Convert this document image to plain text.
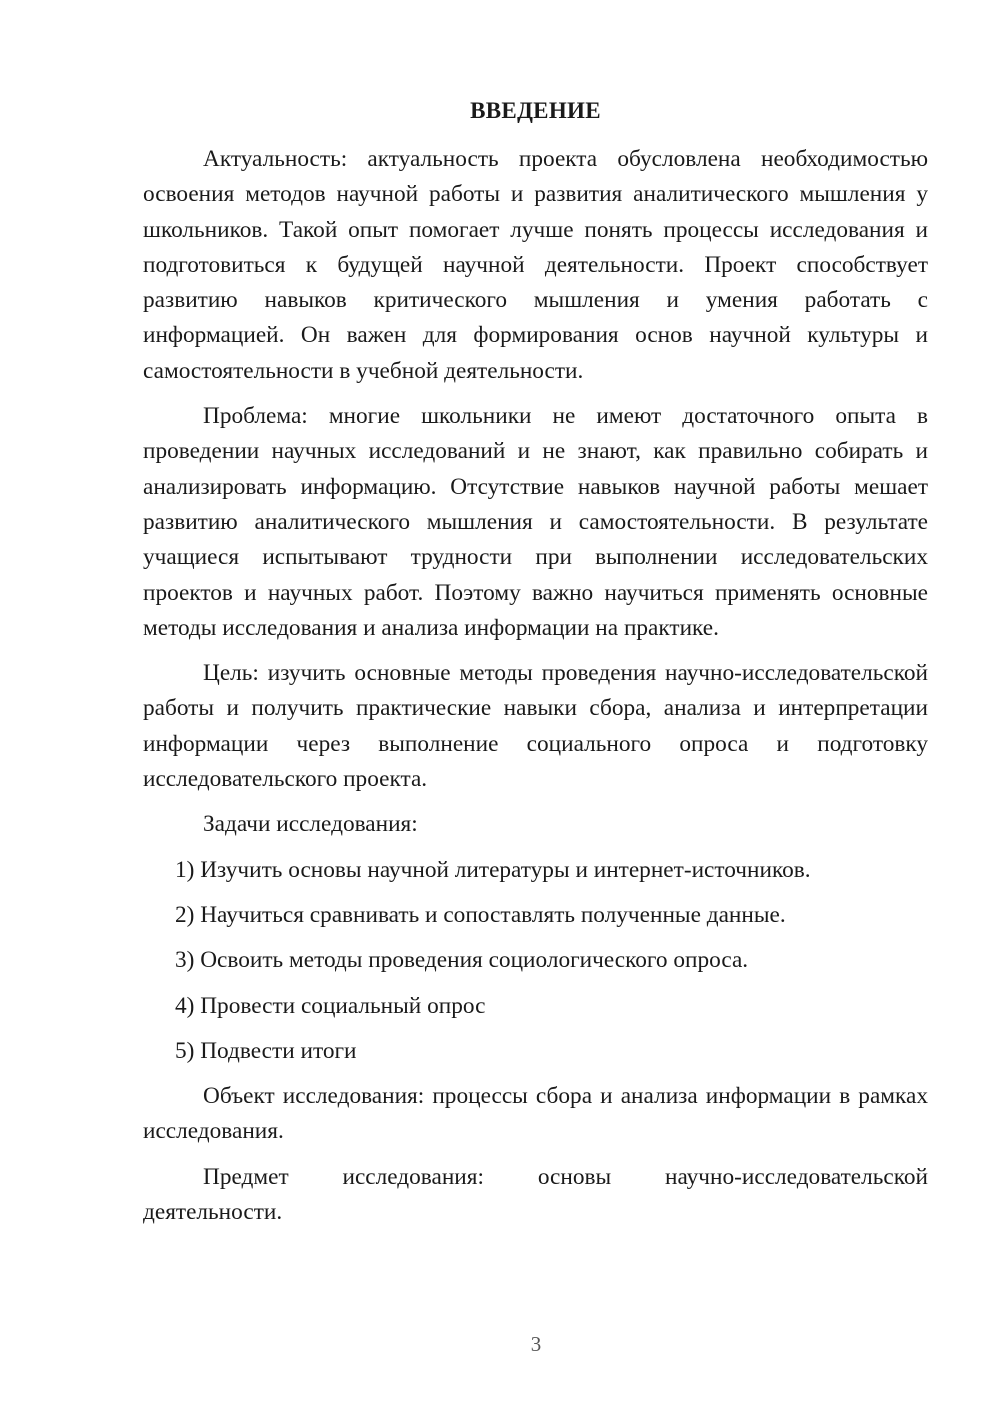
ВВЕДЕНИЕ

Актуальность: актуальность проекта обусловлена необходимостью освоения методов научной работы и развития аналитического мышления у школьников. Такой опыт помогает лучше понять процессы исследования и подготовиться к будущей научной деятельности. Проект способствует развитию навыков критического мышления и умения работать с информацией. Он важен для формирования основ научной культуры и самостоятельности в учебной деятельности.

Проблема: многие школьники не имеют достаточного опыта в проведении научных исследований и не знают, как правильно собирать и анализировать информацию. Отсутствие навыков научной работы мешает развитию аналитического мышления и самостоятельности. В результате учащиеся испытывают трудности при выполнении исследовательских проектов и научных работ. Поэтому важно научиться применять основные методы исследования и анализа информации на практике.

Цель: изучить основные методы проведения научно-исследовательской работы и получить практические навыки сбора, анализа и интерпретации информации через выполнение социального опроса и подготовку исследовательского проекта.

Задачи исследования:

1) Изучить основы научной литературы и интернет-источников.

2) Научиться сравнивать и сопоставлять полученные данные.

3) Освоить методы проведения социологического опроса.

4) Провести социальный опрос

5) Подвести итоги

Объект исследования: процессы сбора и анализа информации в рамках исследования.

Предмет исследования: основы научно-исследовательской деятельности.

3
